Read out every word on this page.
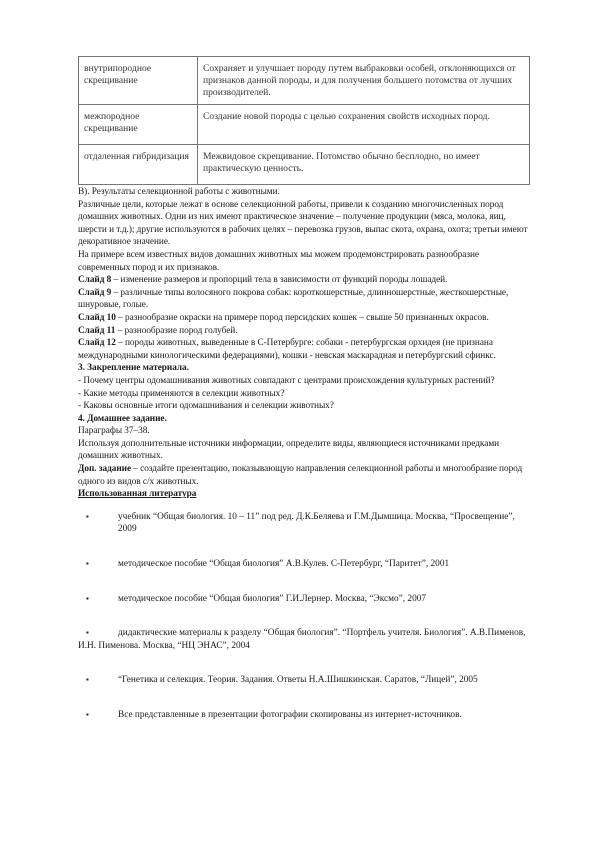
внутрипородное скрещивание	Сохраняет и улучшает породу путем выбраковки особей, отклоняющихся от признаков данной породы, и для получения большего потомства от лучших производителей.
межпородное скрещивание	Создание новой породы с целью сохранения свойств исходных пород.
отдаленная гибридизация	Межвидовое скрещивание. Потомство обычно бесплодно, но имеет практическую ценность.

В). Результаты селекционной работы с животными.

Различные цели, которые лежат в основе селекционной работы, привели к созданию многочисленных пород домашних животных. Одни из них имеют практическое значение – получение продукции (мяса, молока, яиц, шерсти и т.д.); другие используются в рабочих целях – перевозка грузов, выпас скота, охрана, охота; третьи имеют декоративное значение.

На примере всем известных видов домашних животных мы можем продемонстрировать разнообразие современных пород и их признаков.

Слайд 8 – изменение размеров и пропорций тела в зависимости от функций породы лошадей.

Слайд 9 – различные типы волосяного покрова собак: короткошерстные, длинношерстные, жесткошерстные, шнуровые, голые.

Слайд 10 – разнообразие окраски на примере пород персидских кошек – свыше 50 признанных окрасов.

Слайд 11 – разнообразие пород голубей.

Слайд 12 – породы животных, выведенные в С-Петербурге: собаки - петербургская орхидея (не признана международными кинологическими федерациями), кошки - невская маскарадная и петербургский сфинкс.

3. Закрепление материала.

- Почему центры одомашнивания животных совпадают с центрами происхождения культурных растений?

- Какие методы применяются в селекции животных?

- Каковы основные итоги одомашнивания и селекции животных?

4. Домашнее задание.

Параграфы 37–38.

Используя дополнительные источники информации, определите виды, являющиеся источниками предками домашних животных.

Доп. задание – создайте презентацию, показывающую направления селекционной работы и многообразие пород одного из видов с/х животных.

Использованная литература

▪	учебник “Общая биология. 10 – 11” под ред. Д.К.Беляева и Г.М.Дымшица. Москва, “Просвещение”, 2009
▪	методическое пособие “Общая биология” А.В.Кулев. С-Петербург, “Паритет”, 2001
▪	методическое пособие “Общая биология” Г.И.Лернер. Москва, “Эксмо”, 2007
▪	дидактические материалы к разделу “Общая биология”. “Портфель учителя. Биология”. А.В.Пименов, И.Н. Пименова. Москва, “НЦ ЭНАС”, 2004
▪	“Генетика и селекция. Теория. Задания. Ответы Н.А.Шишкинская. Саратов, “Лицей”, 2005
▪	Все представленные в презентации фотографии скопированы из интернет-источников.
